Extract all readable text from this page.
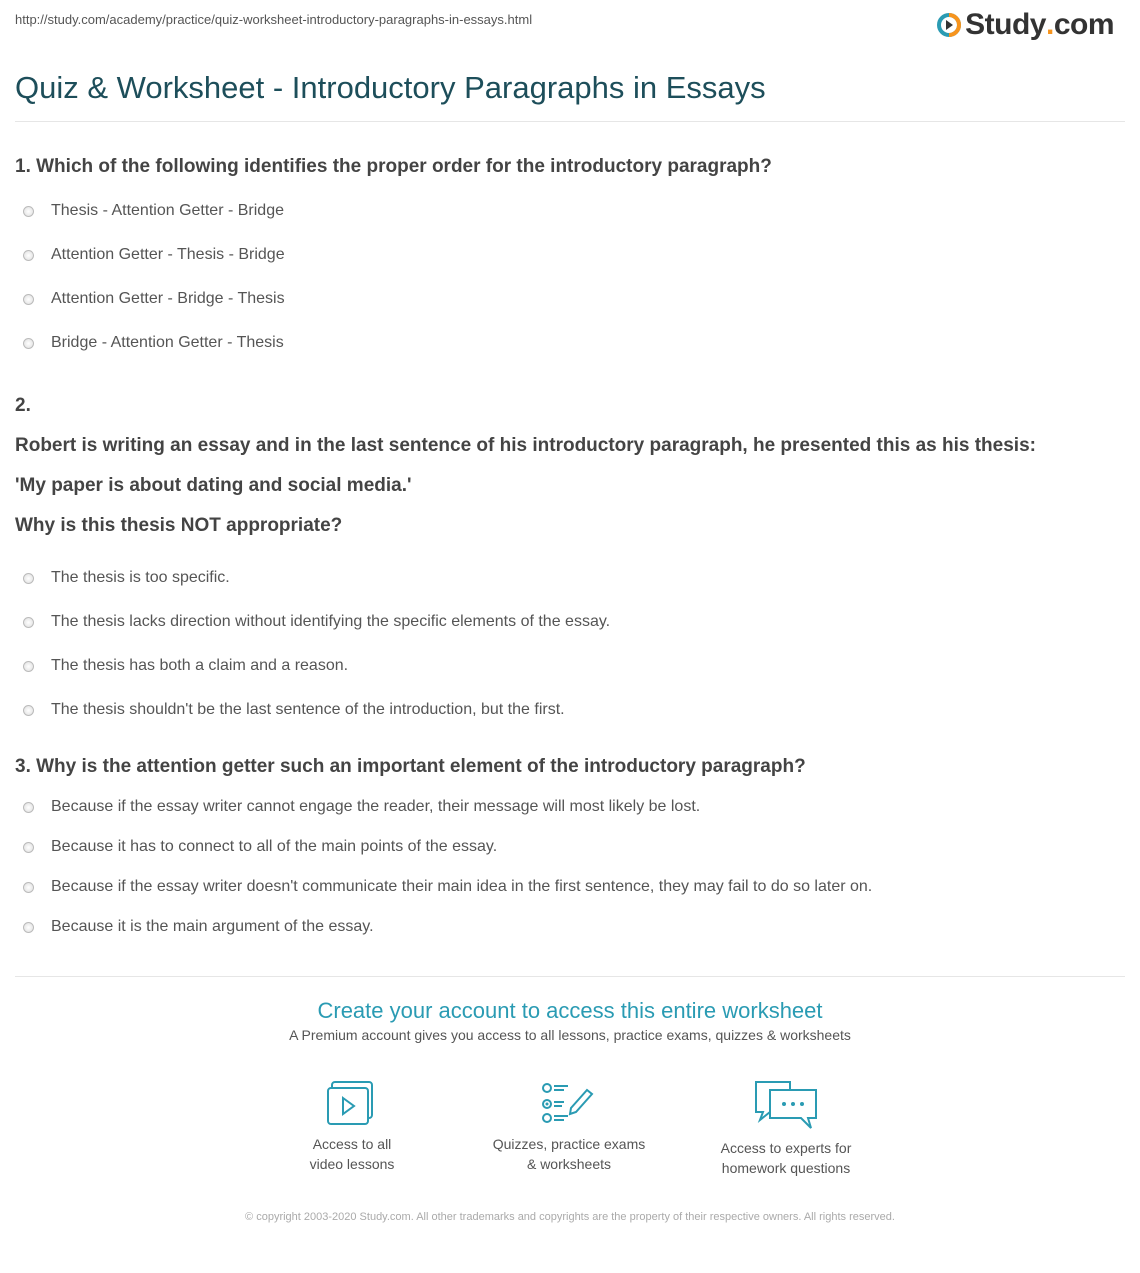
http://study.com/academy/practice/quiz-worksheet-introductory-paragraphs-in-essays.html	Study . com
Quiz & Worksheet - Introductory Paragraphs in Essays

1. Which of the following identifies the proper order for the introductory paragraph?

Thesis - Attention Getter - Bridge
Attention Getter - Thesis - Bridge
Attention Getter - Bridge - Thesis
Bridge - Attention Getter - Thesis

2.

Robert is writing an essay and in the last sentence of his introductory paragraph, he presented this as his thesis:

'My paper is about dating and social media.'

Why is this thesis NOT appropriate?

The thesis is too specific.
The thesis lacks direction without identifying the specific elements of the essay.
The thesis has both a claim and a reason.
The thesis shouldn't be the last sentence of the introduction, but the first.

3. Why is the attention getter such an important element of the introductory paragraph?

Because if the essay writer cannot engage the reader, their message will most likely be lost.
Because it has to connect to all of the main points of the essay.
Because if the essay writer doesn't communicate their main idea in the first sentence, they may fail to do so later on.
Because it is the main argument of the essay.
Create your account to access this entire worksheet
A Premium account gives you access to all lessons, practice exams, quizzes & worksheets
Access to all
video lessons
Quizzes, practice exams
& worksheets
Access to experts for
homework questions
© copyright 2003-2020 Study.com. All other trademarks and copyrights are the property of their respective owners. All rights reserved.
